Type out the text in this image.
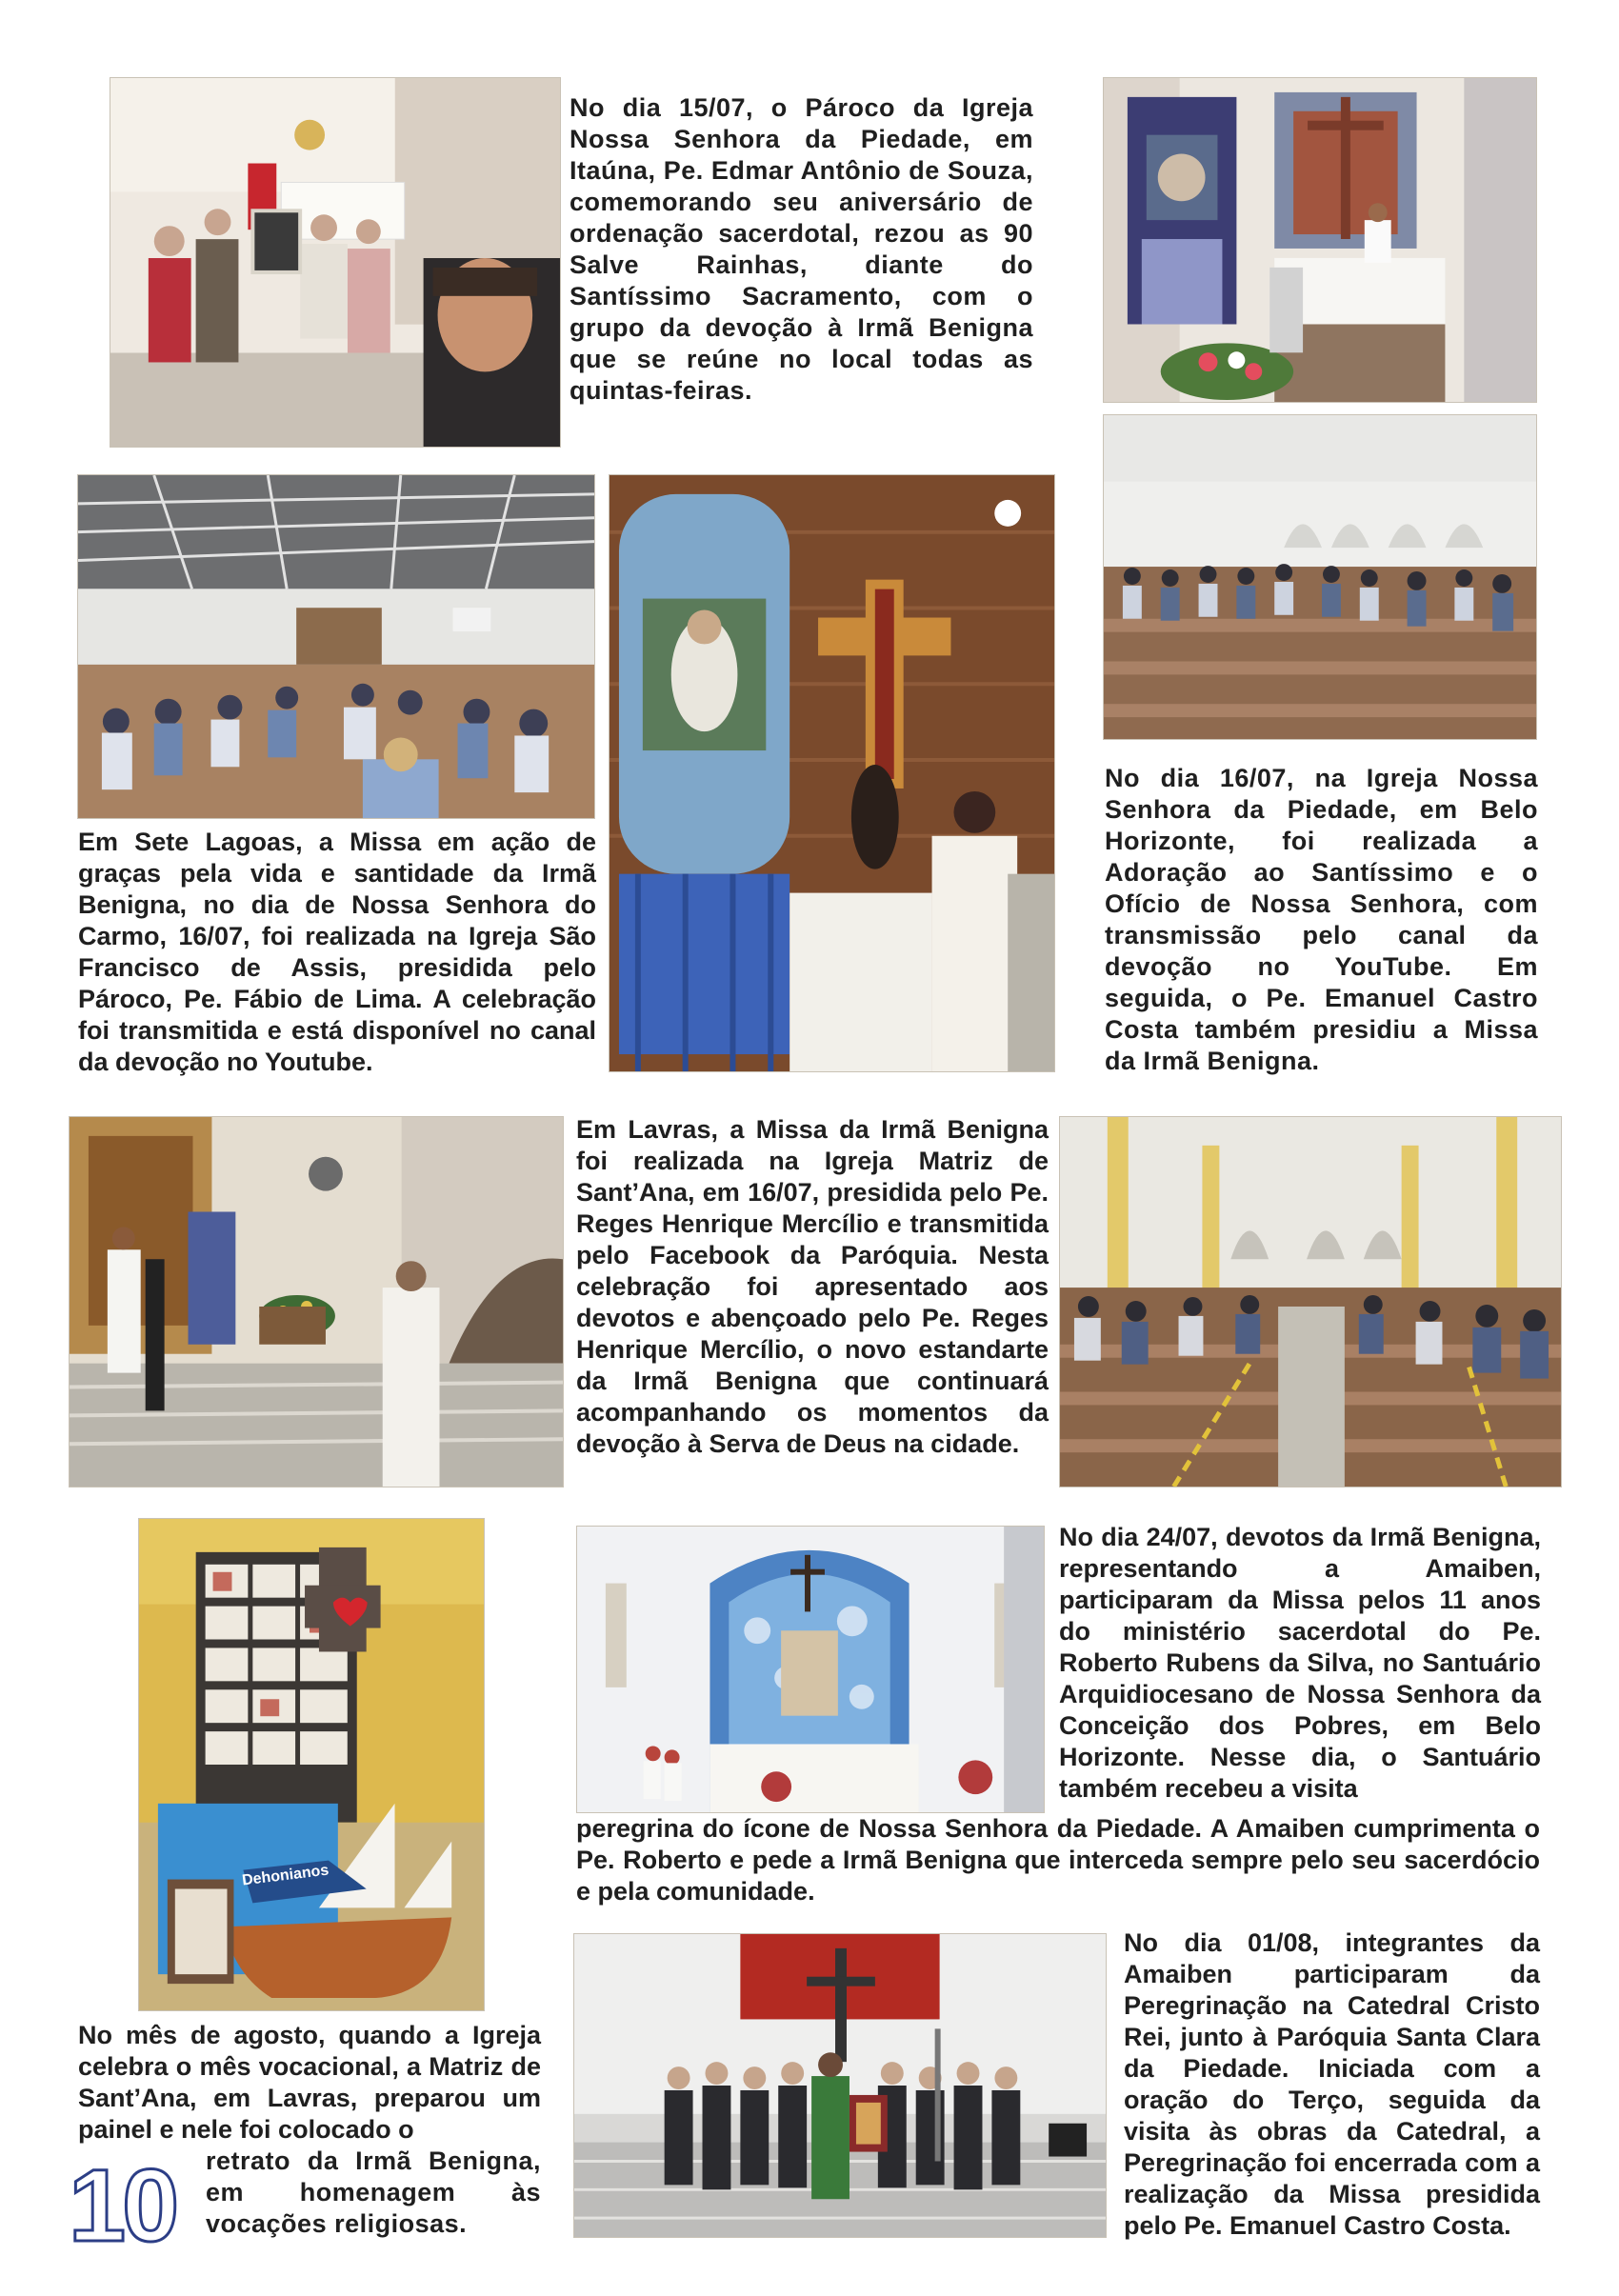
Dehonianos

No dia 15/07, o Pároco da Igreja Nossa Senhora da Piedade, em Itaúna, Pe. Edmar Antônio de Souza, comemorando seu aniversário de ordenação sacerdotal, rezou as 90 Salve Rainhas, diante do Santíssimo Sacramento, com o grupo da devoção à Irmã Benigna que se reúne no local todas as quintas-feiras.

Em Sete Lagoas, a Missa em ação de graças pela vida e santidade da Irmã Benigna, no dia de Nossa Senhora do Carmo, 16/07, foi realizada na Igreja São Francisco de Assis, presidida pelo Pároco, Pe. Fábio de Lima. A celebração foi transmitida e está disponível no canal da devoção no Youtube.

No dia 16/07, na Igreja Nossa Senhora da Piedade, em Belo Horizonte, foi realizada a Adoração ao Santíssimo e o Ofício de Nossa Senhora, com transmissão pelo canal da devoção no YouTube. Em seguida, o Pe. Emanuel Castro Costa também presidiu a Missa da Irmã Benigna.

Em Lavras, a Missa da Irmã Benigna foi realizada na Igreja Matriz de Sant’Ana, em 16/07, presidida pelo Pe. Reges Henrique Mercílio e transmitida pelo Facebook da Paróquia. Nesta celebração foi apresentado aos devotos e abençoado pelo Pe. Reges Henrique Mercílio, o novo estandarte da Irmã Benigna que continuará acompanhando os momentos da devoção à Serva de Deus na cidade.

No dia 24/07, devotos da Irmã Benigna, representando a Amaiben, participaram da Missa pelos 11 anos do ministério sacerdotal do Pe. Roberto Rubens da Silva, no Santuário Arquidiocesano de Nossa Senhora da Conceição dos Pobres, em Belo Horizonte. Nesse dia, o Santuário também recebeu a visita

peregrina do ícone de Nossa Senhora da Piedade. A Amaiben cumprimenta o Pe. Roberto e pede a Irmã Benigna que interceda sempre pelo seu sacerdócio e pela comunidade.

No dia 01/08, integrantes da Amaiben participaram da Peregrinação na Catedral Cristo Rei, junto à Paróquia Santa Clara da Piedade. Iniciada com a oração do Terço, seguida da visita às obras da Catedral, a Peregrinação foi encerrada com a realização da Missa presidida pelo Pe. Emanuel Castro Costa.

No mês de agosto, quando a Igreja celebra o mês vocacional, a Matriz de Sant’Ana, em Lavras, preparou um painel e nele foi colocado o

retrato da Irmã Benigna, em homenagem às vocações religiosas.

10
